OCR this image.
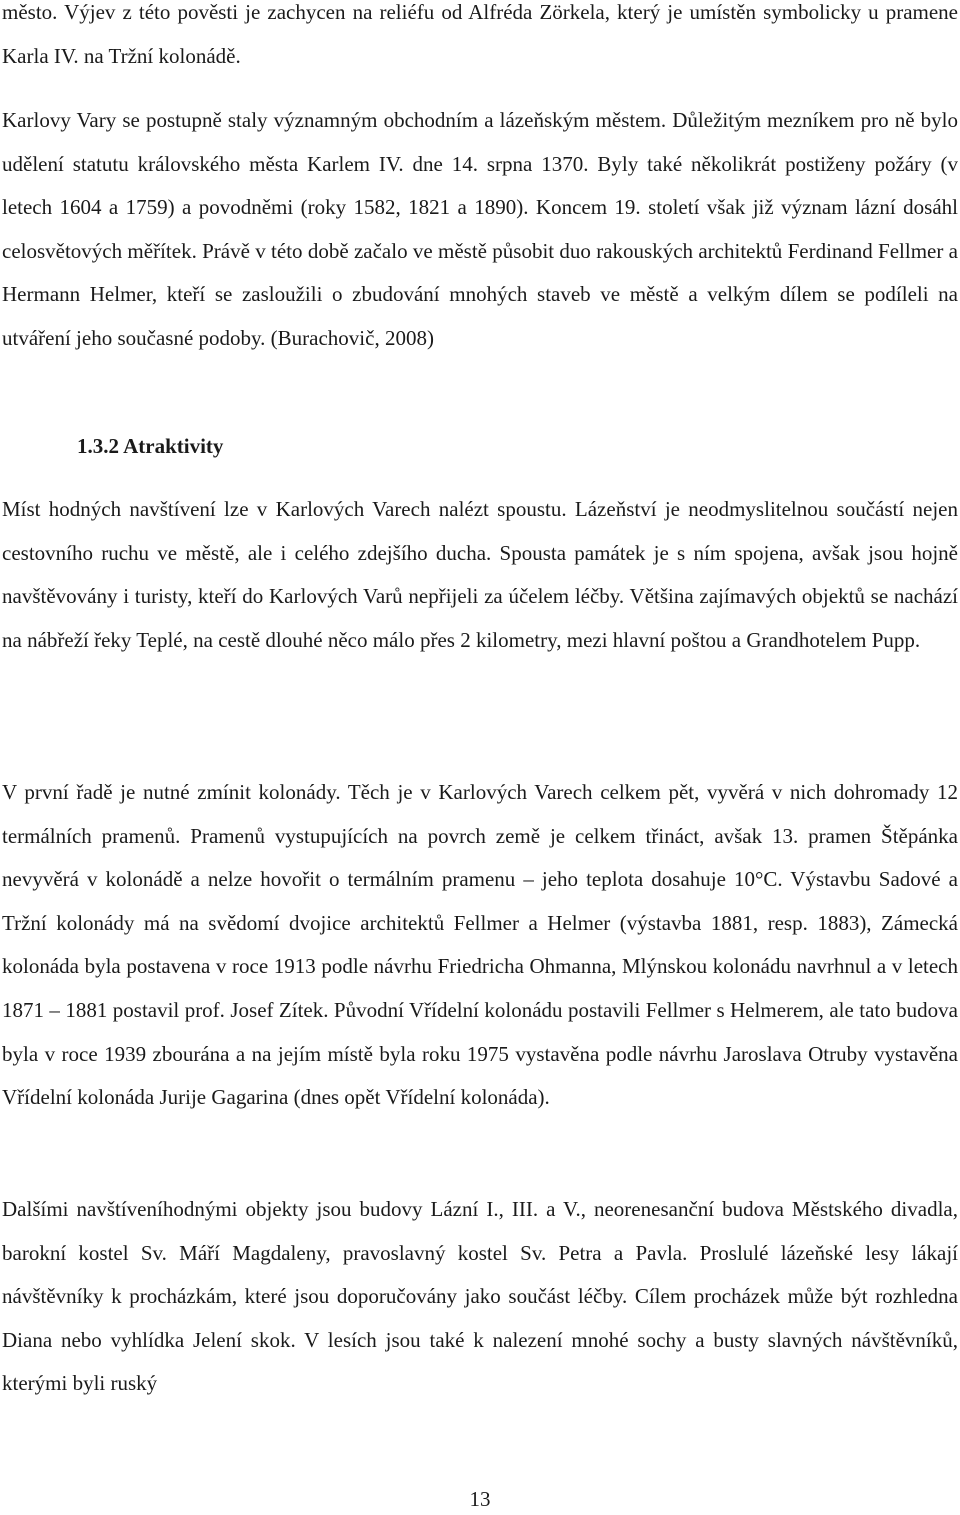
město. Výjev z této pověsti je zachycen na reliéfu od Alfréda Zörkela, který je umístěn symbolicky u pramene Karla IV. na Tržní kolonádě.

Karlovy Vary se postupně staly významným obchodním a lázeňským městem. Důležitým mezníkem pro ně bylo udělení statutu královského města Karlem IV. dne 14. srpna 1370. Byly také několikrát postiženy požáry (v letech 1604 a 1759) a povodněmi (roky 1582, 1821 a 1890). Koncem 19. století však již význam lázní dosáhl celosvětových měřítek. Právě v této době začalo ve městě působit duo rakouských architektů Ferdinand Fellmer a Hermann Helmer, kteří se zasloužili o zbudování mnohých staveb ve městě a velkým dílem se podíleli na utváření jeho současné podoby. (Burachovič, 2008)

1.3.2 Atraktivity

Míst hodných navštívení lze v Karlových Varech nalézt spoustu. Lázeňství je neodmyslitelnou součástí nejen cestovního ruchu ve městě, ale i celého zdejšího ducha. Spousta památek je s ním spojena, avšak jsou hojně navštěvovány i turisty, kteří do Karlových Varů nepřijeli za účelem léčby. Většina zajímavých objektů se nachází na nábřeží řeky Teplé, na cestě dlouhé něco málo přes 2 kilometry, mezi hlavní poštou a Grandhotelem Pupp.

V první řadě je nutné zmínit kolonády. Těch je v Karlových Varech celkem pět, vyvěrá v nich dohromady 12 termálních pramenů. Pramenů vystupujících na povrch země je celkem třináct, avšak 13. pramen Štěpánka nevyvěrá v kolonádě a nelze hovořit o termálním pramenu – jeho teplota dosahuje 10°C. Výstavbu Sadové a Tržní kolonády má na svědomí dvojice architektů Fellmer a Helmer (výstavba 1881, resp. 1883), Zámecká kolonáda byla postavena v roce 1913 podle návrhu Friedricha Ohmanna, Mlýnskou kolonádu navrhnul a v letech 1871 – 1881 postavil prof. Josef Zítek. Původní Vřídelní kolonádu postavili Fellmer s Helmerem, ale tato budova byla v roce 1939 zbourána a na jejím místě byla roku 1975 vystavěna podle návrhu Jaroslava Otruby vystavěna Vřídelní kolonáda Jurije Gagarina (dnes opět Vřídelní kolonáda).

Dalšími navštíveníhodnými objekty jsou budovy Lázní I., III. a V., neorenesanční budova Městského divadla, barokní kostel Sv. Máří Magdaleny, pravoslavný kostel Sv. Petra a Pavla. Proslulé lázeňské lesy lákají návštěvníky k procházkám, které jsou doporučovány jako součást léčby. Cílem procházek může být rozhledna Diana nebo vyhlídka Jelení skok. V lesích jsou také k nalezení mnohé sochy a busty slavných návštěvníků, kterými byli ruský

13
